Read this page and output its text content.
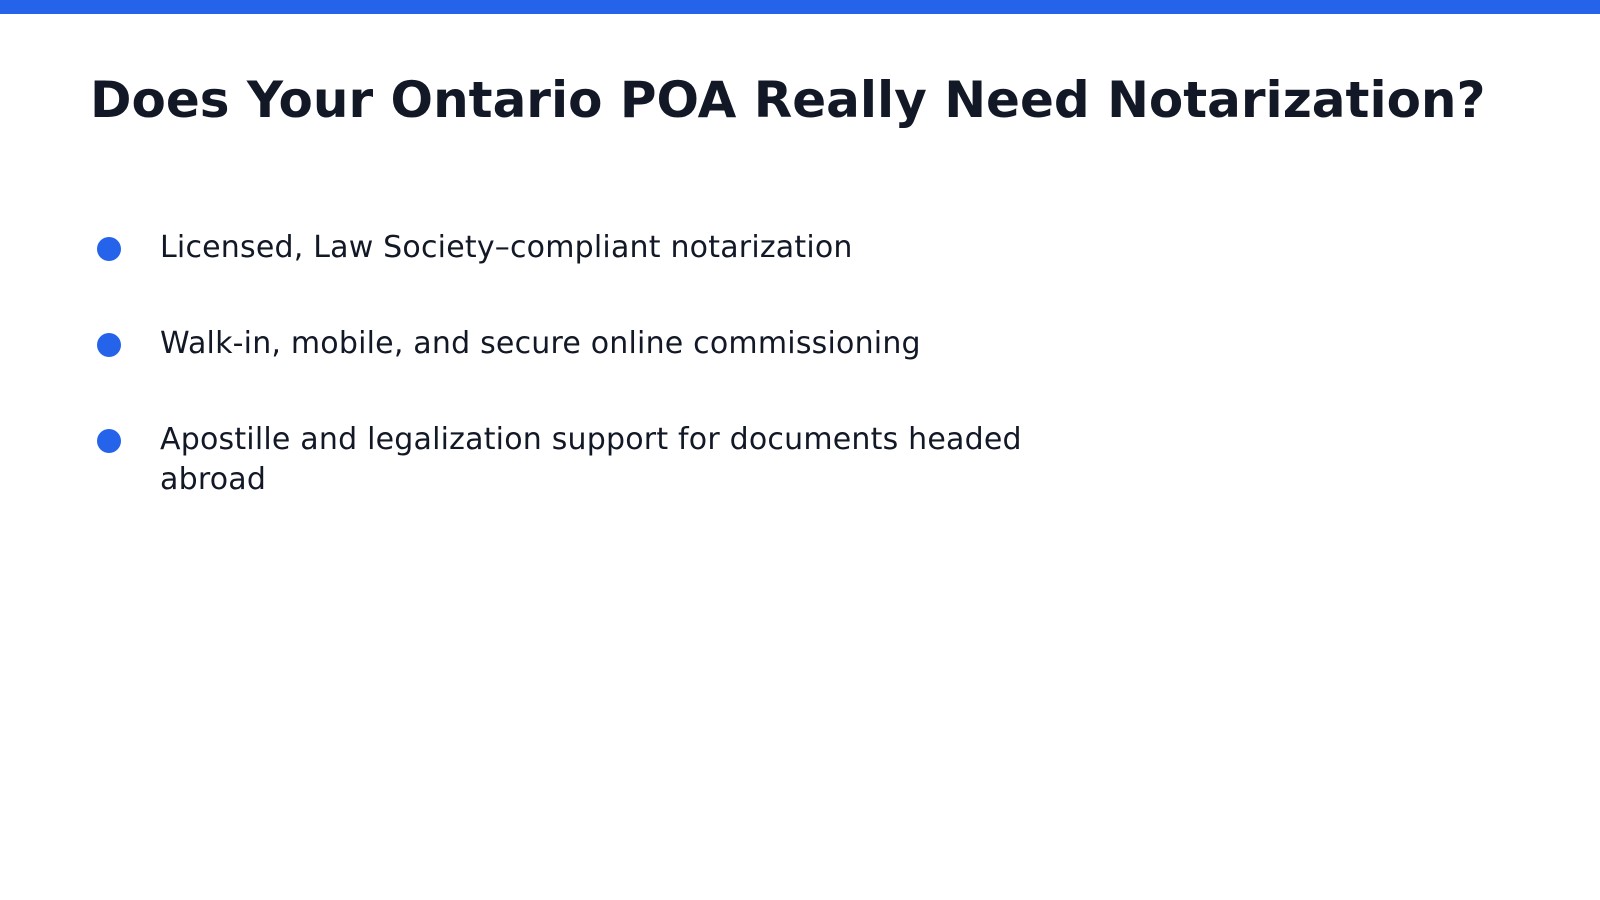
Does Your Ontario POA Really Need Notarization?
Licensed, Law Society–compliant notarization
Walk-in, mobile, and secure online commissioning
Apostille and legalization support for documents headed abroad
